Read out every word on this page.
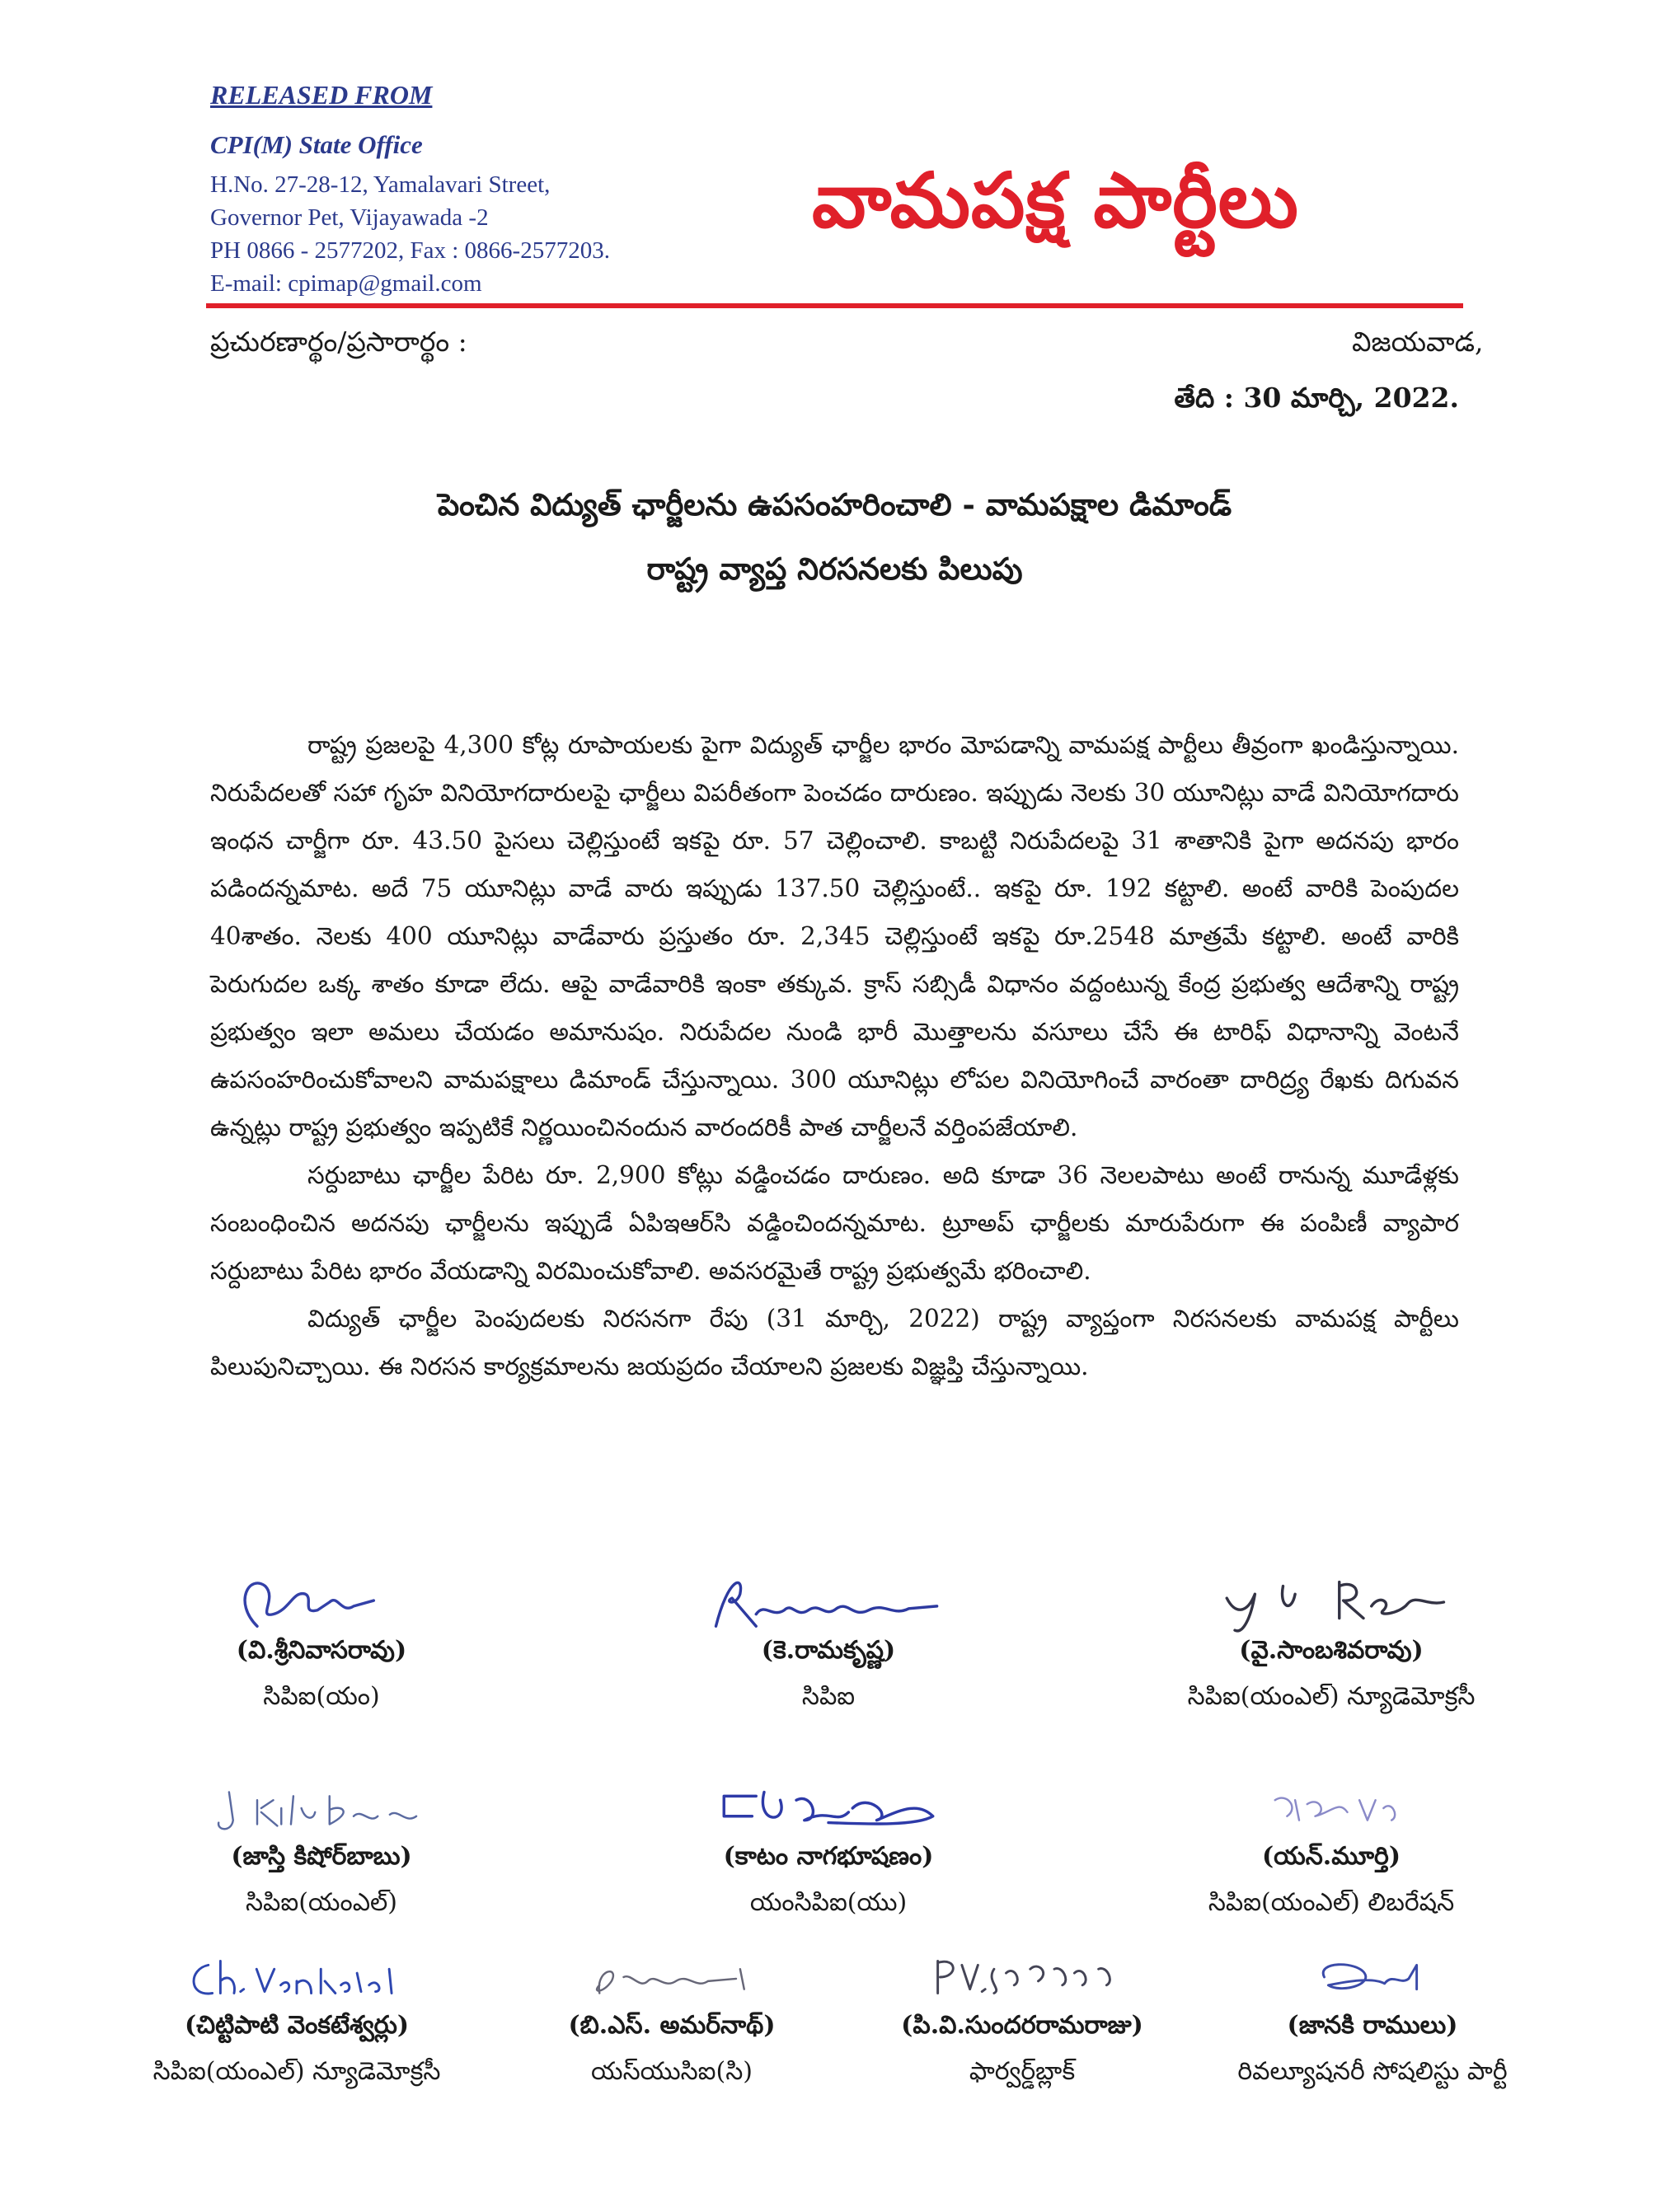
RELEASED FROM
CPI(M) State Office
H.No. 27-28-12, Yamalavari Street,
Governor Pet, Vijayawada -2
PH 0866 - 2577202, Fax : 0866-2577203.
E-mail: cpimap@gmail.com
వామపక్ష పార్టీలు
ప్రచురణార్థం/ప్రసారార్థం :	విజయవాడ,
తేది : 30 మార్చి, 2022.
పెంచిన విద్యుత్ ఛార్జీలను ఉపసంహరించాలి - వామపక్షాల డిమాండ్
రాష్ట్ర వ్యాప్త నిరసనలకు పిలుపు

రాష్ట్ర ప్రజలపై 4,300 కోట్ల రూపాయలకు పైగా విద్యుత్ ఛార్జీల భారం మోపడాన్ని వామపక్ష పార్టీలు తీవ్రంగా ఖండిస్తున్నాయి. నిరుపేదలతో సహా గృహ వినియోగదారులపై ఛార్జీలు విపరీతంగా పెంచడం దారుణం. ఇప్పుడు నెలకు 30 యూనిట్లు వాడే వినియోగదారు ఇంధన చార్జీగా రూ. 43.50 పైసలు చెల్లిస్తుంటే ఇకపై రూ. 57 చెల్లించాలి. కాబట్టి నిరుపేదలపై 31 శాతానికి పైగా అదనపు భారం పడిందన్నమాట. అదే 75 యూనిట్లు వాడే వారు ఇప్పుడు 137.50 చెల్లిస్తుంటే.. ఇకపై రూ. 192 కట్టాలి. అంటే వారికి పెంపుదల 40శాతం. నెలకు 400 యూనిట్లు వాడేవారు ప్రస్తుతం రూ. 2,345 చెల్లిస్తుంటే ఇకపై రూ.2548 మాత్రమే కట్టాలి. అంటే వారికి పెరుగుదల ఒక్క శాతం కూడా లేదు. ఆపై వాడేవారికి ఇంకా తక్కువ. క్రాస్ సబ్సిడీ విధానం వద్దంటున్న కేంద్ర ప్రభుత్వ ఆదేశాన్ని రాష్ట్ర ప్రభుత్వం ఇలా అమలు చేయడం అమానుషం. నిరుపేదల నుండి భారీ మొత్తాలను వసూలు చేసే ఈ టారిఫ్ విధానాన్ని వెంటనే ఉపసంహరించుకోవాలని వామపక్షాలు డిమాండ్ చేస్తున్నాయి. 300 యూనిట్లు లోపల వినియోగించే వారంతా దారిద్ర్య రేఖకు దిగువన ఉన్నట్లు రాష్ట్ర ప్రభుత్వం ఇప్పటికే నిర్ణయించినందున వారందరికీ పాత చార్జీలనే వర్తింపజేయాలి.

సర్దుబాటు ఛార్జీల పేరిట రూ. 2,900 కోట్లు వడ్డించడం దారుణం. అది కూడా 36 నెలలపాటు అంటే రానున్న మూడేళ్లకు సంబంధించిన అదనపు ఛార్జీలను ఇప్పుడే ఏపిఇఆర్‌సి వడ్డించిందన్నమాట. ట్రూఅప్ ఛార్జీలకు మారుపేరుగా ఈ పంపిణీ వ్యాపార సర్దుబాటు పేరిట భారం వేయడాన్ని విరమించుకోవాలి. అవసరమైతే రాష్ట్ర ప్రభుత్వమే భరించాలి.

విద్యుత్ ఛార్జీల పెంపుదలకు నిరసనగా రేపు (31 మార్చి, 2022) రాష్ట్ర వ్యాప్తంగా నిరసనలకు వామపక్ష పార్టీలు పిలుపునిచ్చాయి. ఈ నిరసన కార్యక్రమాలను జయప్రదం చేయాలని ప్రజలకు విజ్ఞప్తి చేస్తున్నాయి.

(వి.శ్రీనివాసరావు)
సిపిఐ(యం)
(కె.రామకృష్ణ)
సిపిఐ
(వై.సాంబశివరావు)
సిపిఐ(యంఎల్) న్యూడెమోక్రసీ
(జాస్తి కిషోర్‌బాబు)
సిపిఐ(యంఎల్)
(కాటం నాగభూషణం)
యంసిపిఐ(యు)
(యన్.మూర్తి)
సిపిఐ(యంఎల్) లిబరేషన్
(చిట్టిపాటి వెంకటేశ్వర్లు)
సిపిఐ(యంఎల్) న్యూడెమోక్రసీ
(బి.ఎస్. అమర్‌నాథ్)
యస్‌యుసిఐ(సి)
(పి.వి.సుందరరామరాజు)
ఫార్వర్డ్‌బ్లాక్
(జానకి రాములు)
రివల్యూషనరీ సోషలిస్టు పార్టీ
